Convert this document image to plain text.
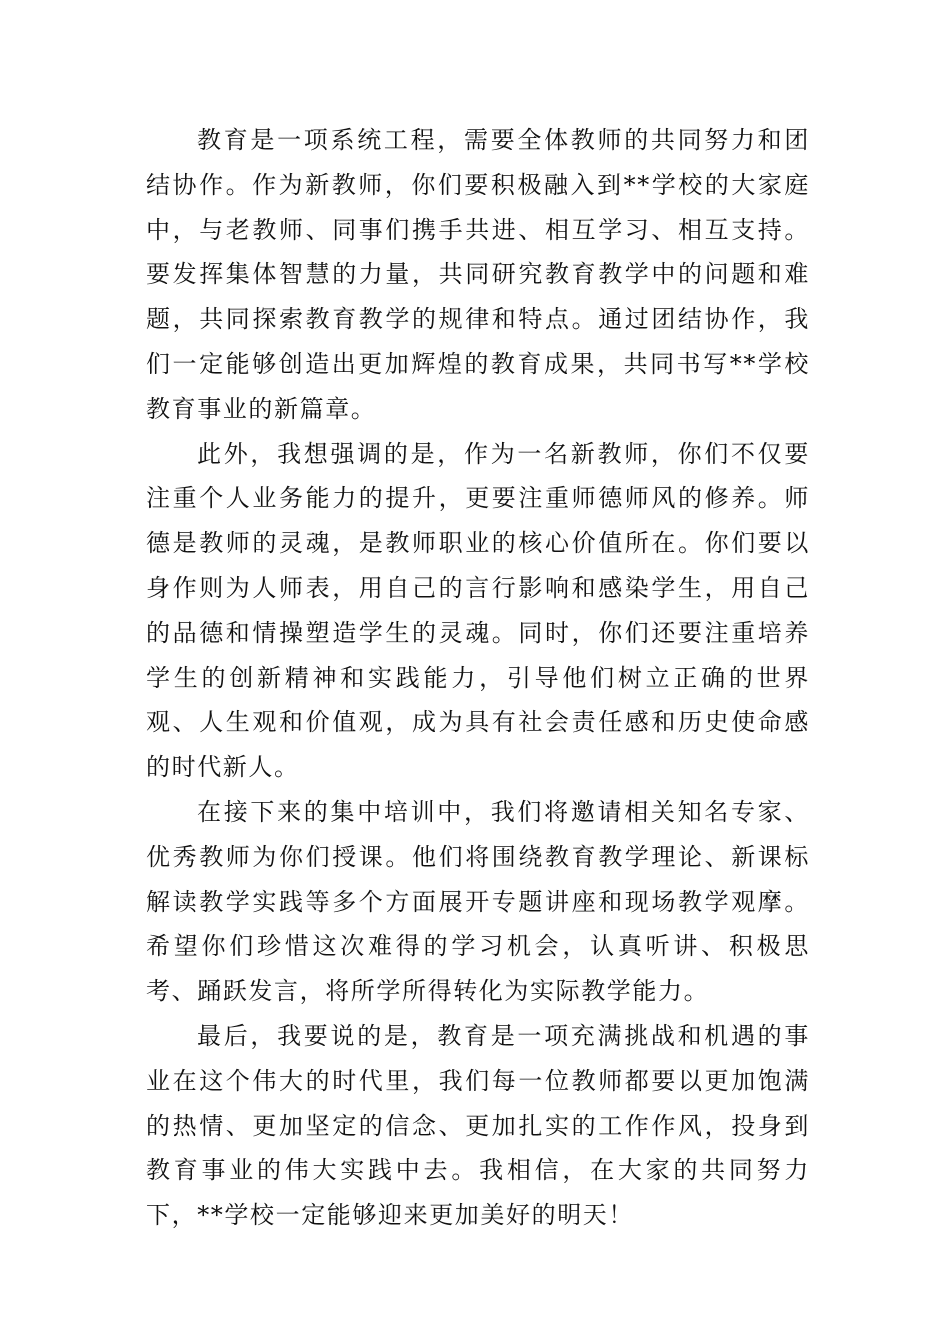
教育是一项系统工程，需要全体教师的共同努力和团结协作。作为新教师，你们要积极融入到**学校的大家庭中，与老教师、同事们携手共进、相互学习、相互支持。要发挥集体智慧的力量，共同研究教育教学中的问题和难题，共同探索教育教学的规律和特点。通过团结协作，我们一定能够创造出更加辉煌的教育成果，共同书写**学校教育事业的新篇章。

此外，我想强调的是，作为一名新教师，你们不仅要注重个人业务能力的提升，更要注重师德师风的修养。师德是教师的灵魂，是教师职业的核心价值所在。你们要以身作则为人师表，用自己的言行影响和感染学生，用自己的品德和情操塑造学生的灵魂。同时，你们还要注重培养学生的创新精神和实践能力，引导他们树立正确的世界观、人生观和价值观，成为具有社会责任感和历史使命感的时代新人。

在接下来的集中培训中，我们将邀请相关知名专家、优秀教师为你们授课。他们将围绕教育教学理论、新课标解读教学实践等多个方面展开专题讲座和现场教学观摩。希望你们珍惜这次难得的学习机会，认真听讲、积极思考、踊跃发言，将所学所得转化为实际教学能力。

最后，我要说的是，教育是一项充满挑战和机遇的事业在这个伟大的时代里，我们每一位教师都要以更加饱满的热情、更加坚定的信念、更加扎实的工作作风，投身到教育事业的伟大实践中去。我相信，在大家的共同努力下，**学校一定能够迎来更加美好的明天！
